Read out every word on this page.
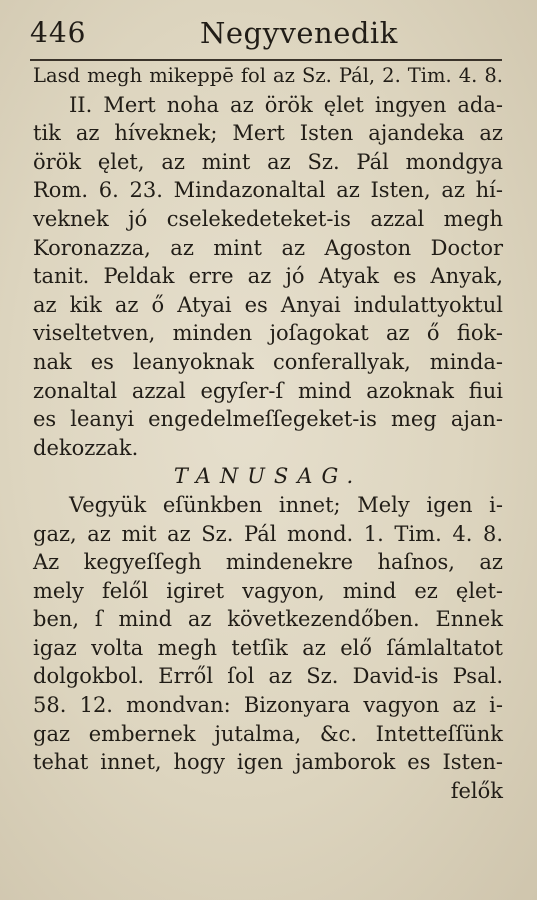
446	Negyvenedik
Lasd megh mikeppē fol az Sz. Pál, 2. Tim. 4. 8.
II. Mert noha az örök ęlet ingyen ada-
tik az híveknek; Mert Isten ajandeka az
örök ęlet, az mint az Sz. Pál mondgya
Rom. 6. 23. Mindazonaltal az Isten, az hí-
veknek jó cselekedeteket-is azzal megh
Koronazza, az mint az Agoston Doctor
tanit. Peldak erre az jó Atyak es Anyak,
az kik az ő Atyai es Anyai indulattyoktul
viseltetven, minden joſagokat az ő fiok-
nak es leanyoknak conferallyak, minda-
zonaltal azzal egyſer-ſ mind azoknak fiui
es leanyi engedelmeſſegeket-is meg ajan-
dekozzak.
TANUSAG.
Vegyük eſünkben innet; Mely igen i-
gaz, az mit az Sz. Pál mond. 1. Tim. 4. 8.
Az kegyeſſegh mindenekre haſnos, az
mely felől igiret vagyon, mind ez ęlet-
ben, ſ mind az következendőben. Ennek
igaz volta megh tetſik az elő ſámlaltatot
dolgokbol. Erről ſol az Sz. David-is Psal.
58. 12. mondvan: Bizonyara vagyon az i-
gaz embernek jutalma, &c. Intetteſſünk
tehat innet, hogy igen jamborok es Isten-
felők
